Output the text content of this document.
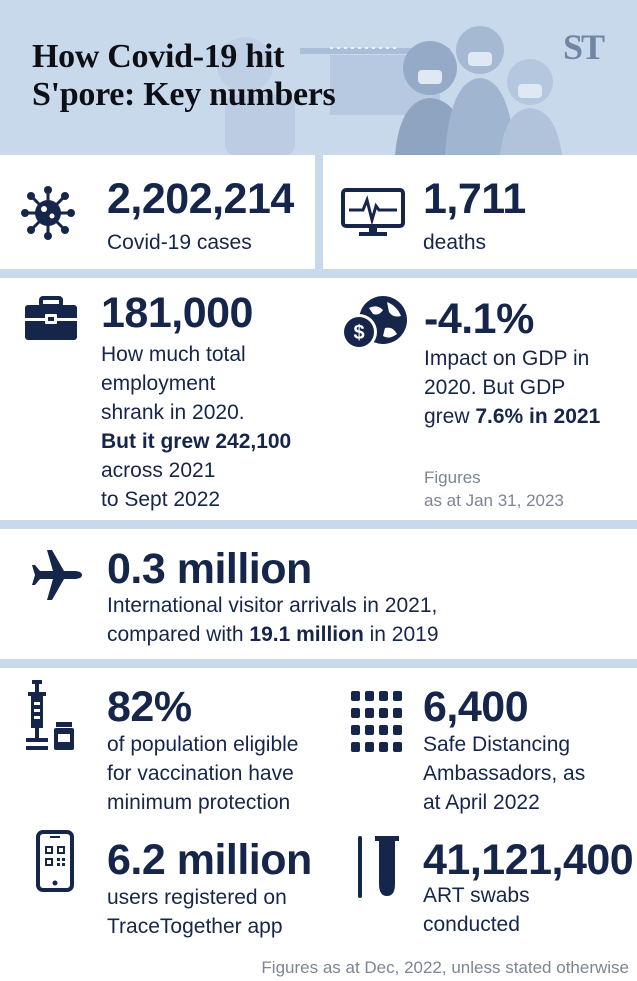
How Covid-19 hit
S'pore: Key numbers
ST
2,202,214
Covid-19 cases
1,711
deaths
181,000
How much total
employment
shrank in 2020.
But it grew 242,100
across 2021
to Sept 2022
$ -4.1%
Impact on GDP in
2020. But GDP
grew 7.6% in 2021
Figures
as at Jan 31, 2023
0.3 million
International visitor arrivals in 2021,
compared with 19.1 million in 2019
82%
of population eligible
for vaccination have
minimum protection
6,400
Safe Distancing
Ambassadors, as
at April 2022
6.2 million
users registered on
TraceTogether app
41,121,400
ART swabs
conducted
Figures as at Dec, 2022, unless stated otherwise
